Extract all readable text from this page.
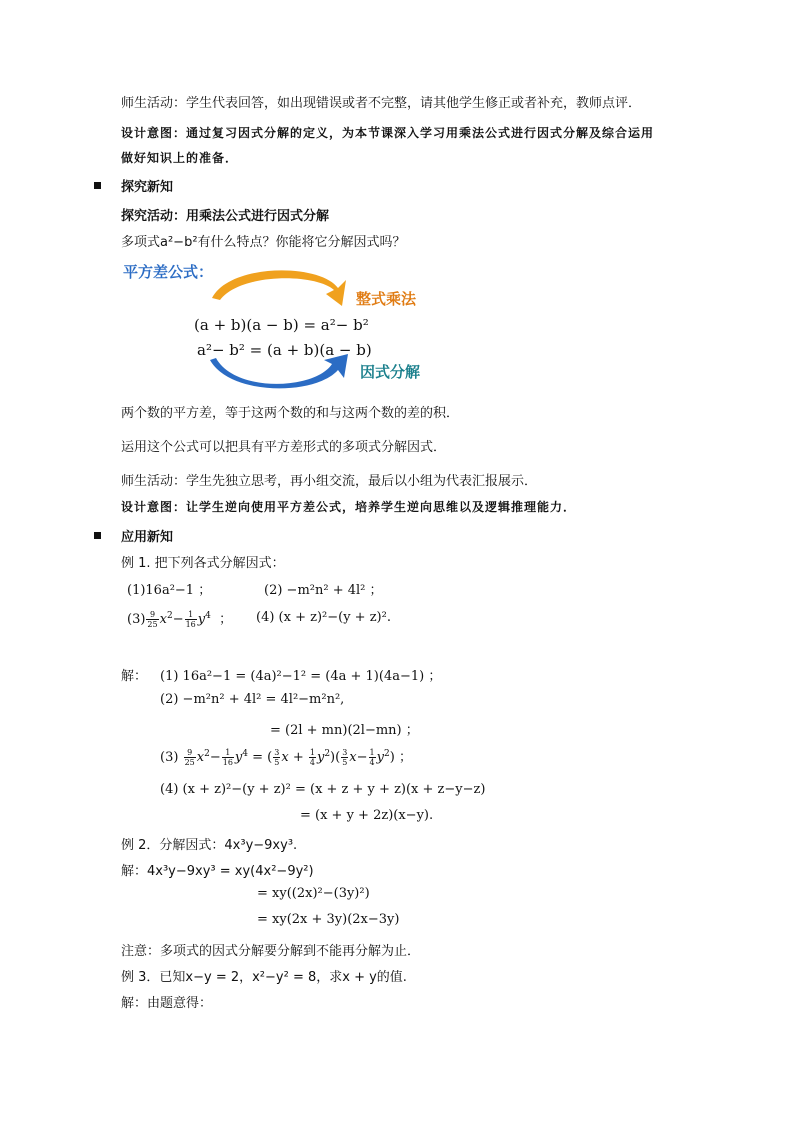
师生活动：学生代表回答，如出现错误或者不完整，请其他学生修正或者补充，教师点评．
设计意图：通过复习因式分解的定义，为本节课深入学习用乘法公式进行因式分解及综合运用
做好知识上的准备．
探究新知
探究活动：用乘法公式进行因式分解
多项式a²−b²有什么特点？你能将它分解因式吗？
平方差公式：
整式乘法
(a + b)(a − b) = a²− b²
a²− b² = (a + b)(a − b)
因式分解
两个数的平方差，等于这两个数的和与这两个数的差的积．
运用这个公式可以把具有平方差形式的多项式分解因式．
师生活动：学生先独立思考，再小组交流，最后以小组为代表汇报展示．
设计意图：让学生逆向使用平方差公式，培养学生逆向思维以及逻辑推理能力．
应用新知
例 1. 把下列各式分解因式：
(1)16a²−1 ；	(2) −m²n² + 4l² ；
$(3) \frac{9}{25} x^2- \frac{1}{16} y^4$ ； (4) (x + z)²−(y + z)².
解： (1) 16a²−1 = (4a)²−1² = (4a + 1)(4a−1) ；
(2) −m²n² + 4l² = 4l²−m²n²,
= (2l + mn)(2l−mn) ；
$(3) \frac{9}{25} x^2- \frac{1}{16} y^4$ = ( $\frac{3}{5}$ $x + \frac{1}{4} y^2)( \frac{3}{5} x- \frac{1}{4} y^2)$ ；
(4) (x + z)²−(y + z)² = (x + z + y + z)(x + z−y−z)
= (x + y + 2z)(x−y).
例 2．分解因式：4x³y−9xy³.
解：4x³y−9xy³ = xy(4x²−9y²)
= xy((2x)²−(3y)²)
= xy(2x + 3y)(2x−3y)
注意：多项式的因式分解要分解到不能再分解为止．
例 3．已知x−y = 2，x²−y² = 8，求x + y的值.
解：由题意得：
